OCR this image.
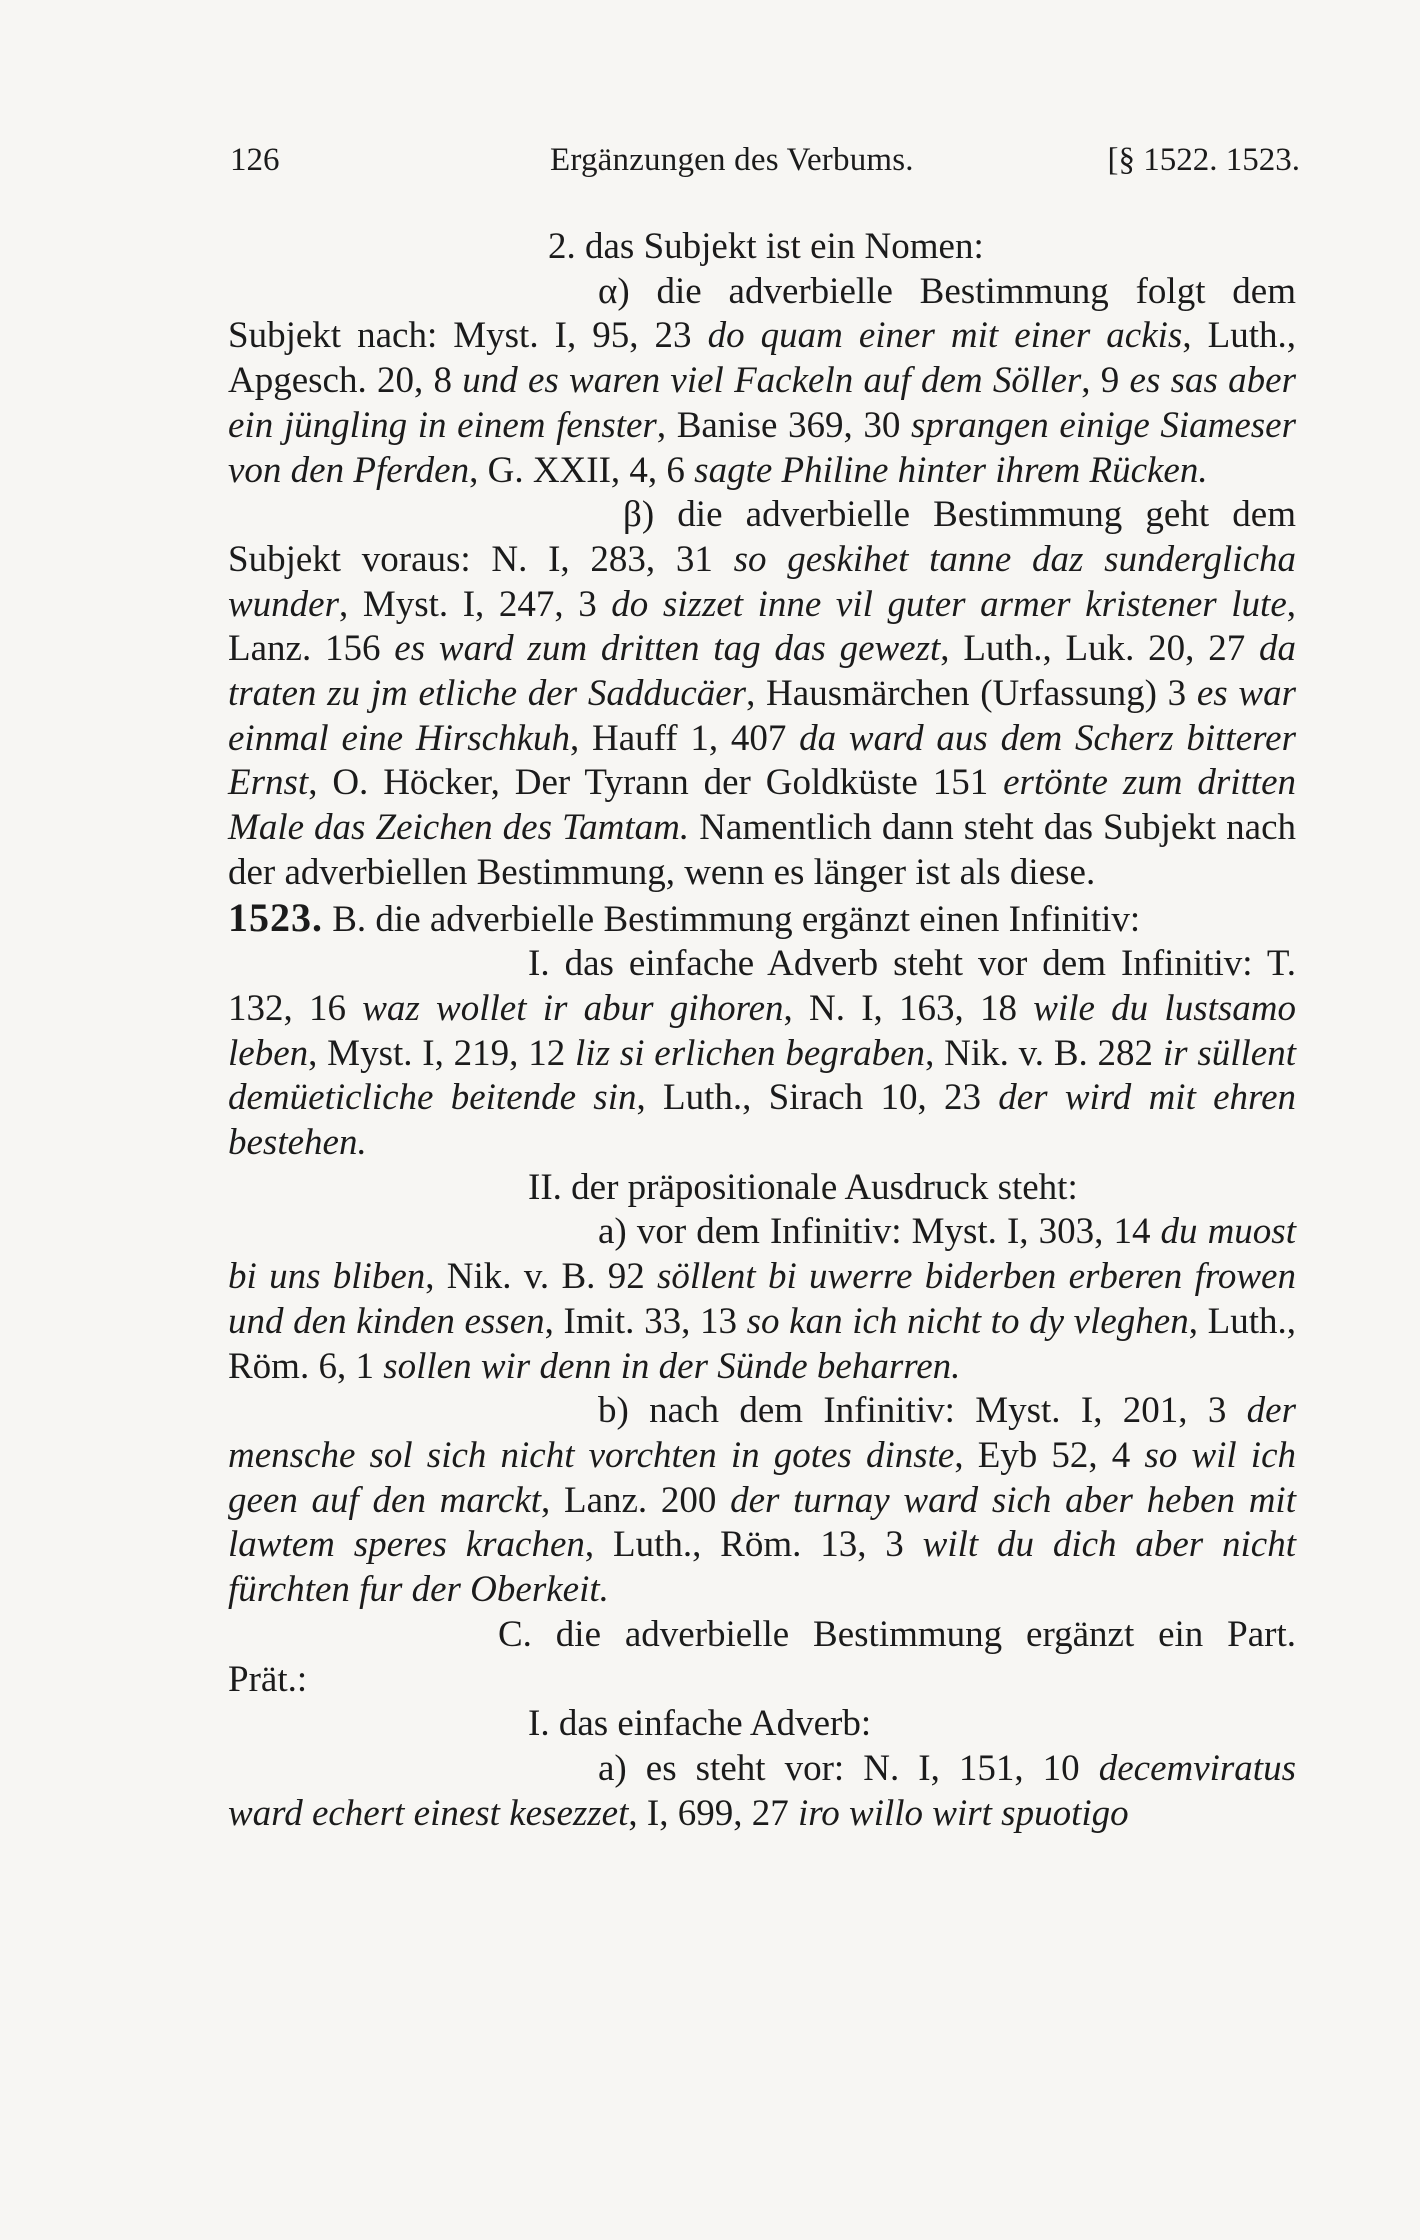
126	Ergänzungen des Verbums.	[§ 1522. 1523.

2. das Subjekt ist ein Nomen:

α) die adverbielle Bestimmung folgt dem Subjekt nach: Myst. I, 95, 23 do quam einer mit einer ackis, Luth., Apgesch. 20, 8 und es waren viel Fackeln auf dem Söller, 9 es sas aber ein jüngling in einem fenster, Banise 369, 30 sprangen einige Siameser von den Pferden, G. XXII, 4, 6 sagte Philine hinter ihrem Rücken.

β) die adverbielle Bestimmung geht dem Subjekt voraus: N. I, 283, 31 so geskihet tanne daz sunderglicha wunder, Myst. I, 247, 3 do sizzet inne vil guter armer kristener lute, Lanz. 156 es ward zum dritten tag das gewezt, Luth., Luk. 20, 27 da traten zu jm etliche der Sadducäer, Hausmärchen (Urfassung) 3 es war einmal eine Hirschkuh, Hauff 1, 407 da ward aus dem Scherz bitterer Ernst, O. Höcker, Der Tyrann der Goldküste 151 ertönte zum dritten Male das Zeichen des Tamtam. Namentlich dann steht das Subjekt nach der adverbiellen Bestimmung, wenn es länger ist als diese.

1523. B. die adverbielle Bestimmung ergänzt einen Infinitiv:

I. das einfache Adverb steht vor dem Infinitiv: T. 132, 16 waz wollet ir abur gihoren, N. I, 163, 18 wile du lustsamo leben, Myst. I, 219, 12 liz si erlichen begraben, Nik. v. B. 282 ir süllent demüeticliche beitende sin, Luth., Sirach 10, 23 der wird mit ehren bestehen.

II. der präpositionale Ausdruck steht:

a) vor dem Infinitiv: Myst. I, 303, 14 du muost bi uns bliben, Nik. v. B. 92 söllent bi uwerre biderben erberen frowen und den kinden essen, Imit. 33, 13 so kan ich nicht to dy vleghen, Luth., Röm. 6, 1 sollen wir denn in der Sünde beharren.

b) nach dem Infinitiv: Myst. I, 201, 3 der mensche sol sich nicht vorchten in gotes dinste, Eyb 52, 4 so wil ich geen auf den marckt, Lanz. 200 der turnay ward sich aber heben mit lawtem speres krachen, Luth., Röm. 13, 3 wilt du dich aber nicht fürchten fur der Oberkeit.

C. die adverbielle Bestimmung ergänzt ein Part. Prät.:

I. das einfache Adverb:

a) es steht vor: N. I, 151, 10 decemviratus ward echert einest kesezzet, I, 699, 27 iro willo wirt spuotigo
